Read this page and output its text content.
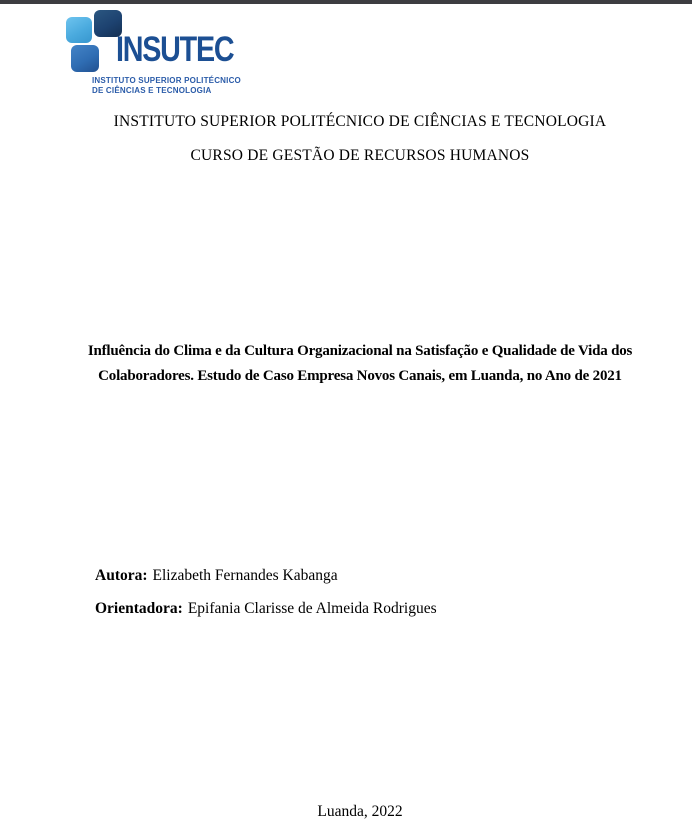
INSUTEC
INSTITUTO SUPERIOR POLITÉCNICO
DE CIÊNCIAS E TECNOLOGIA
INSTITUTO SUPERIOR POLITÉCNICO DE CIÊNCIAS E TECNOLOGIA
CURSO DE GESTÃO DE RECURSOS HUMANOS
Influência do Clima e da Cultura Organizacional na Satisfação e Qualidade de Vida dos
Colaboradores. Estudo de Caso Empresa Novos Canais, em Luanda, no Ano de 2021
Autora: Elizabeth Fernandes Kabanga
Orientadora: Epifania Clarisse de Almeida Rodrigues
Luanda, 2022
